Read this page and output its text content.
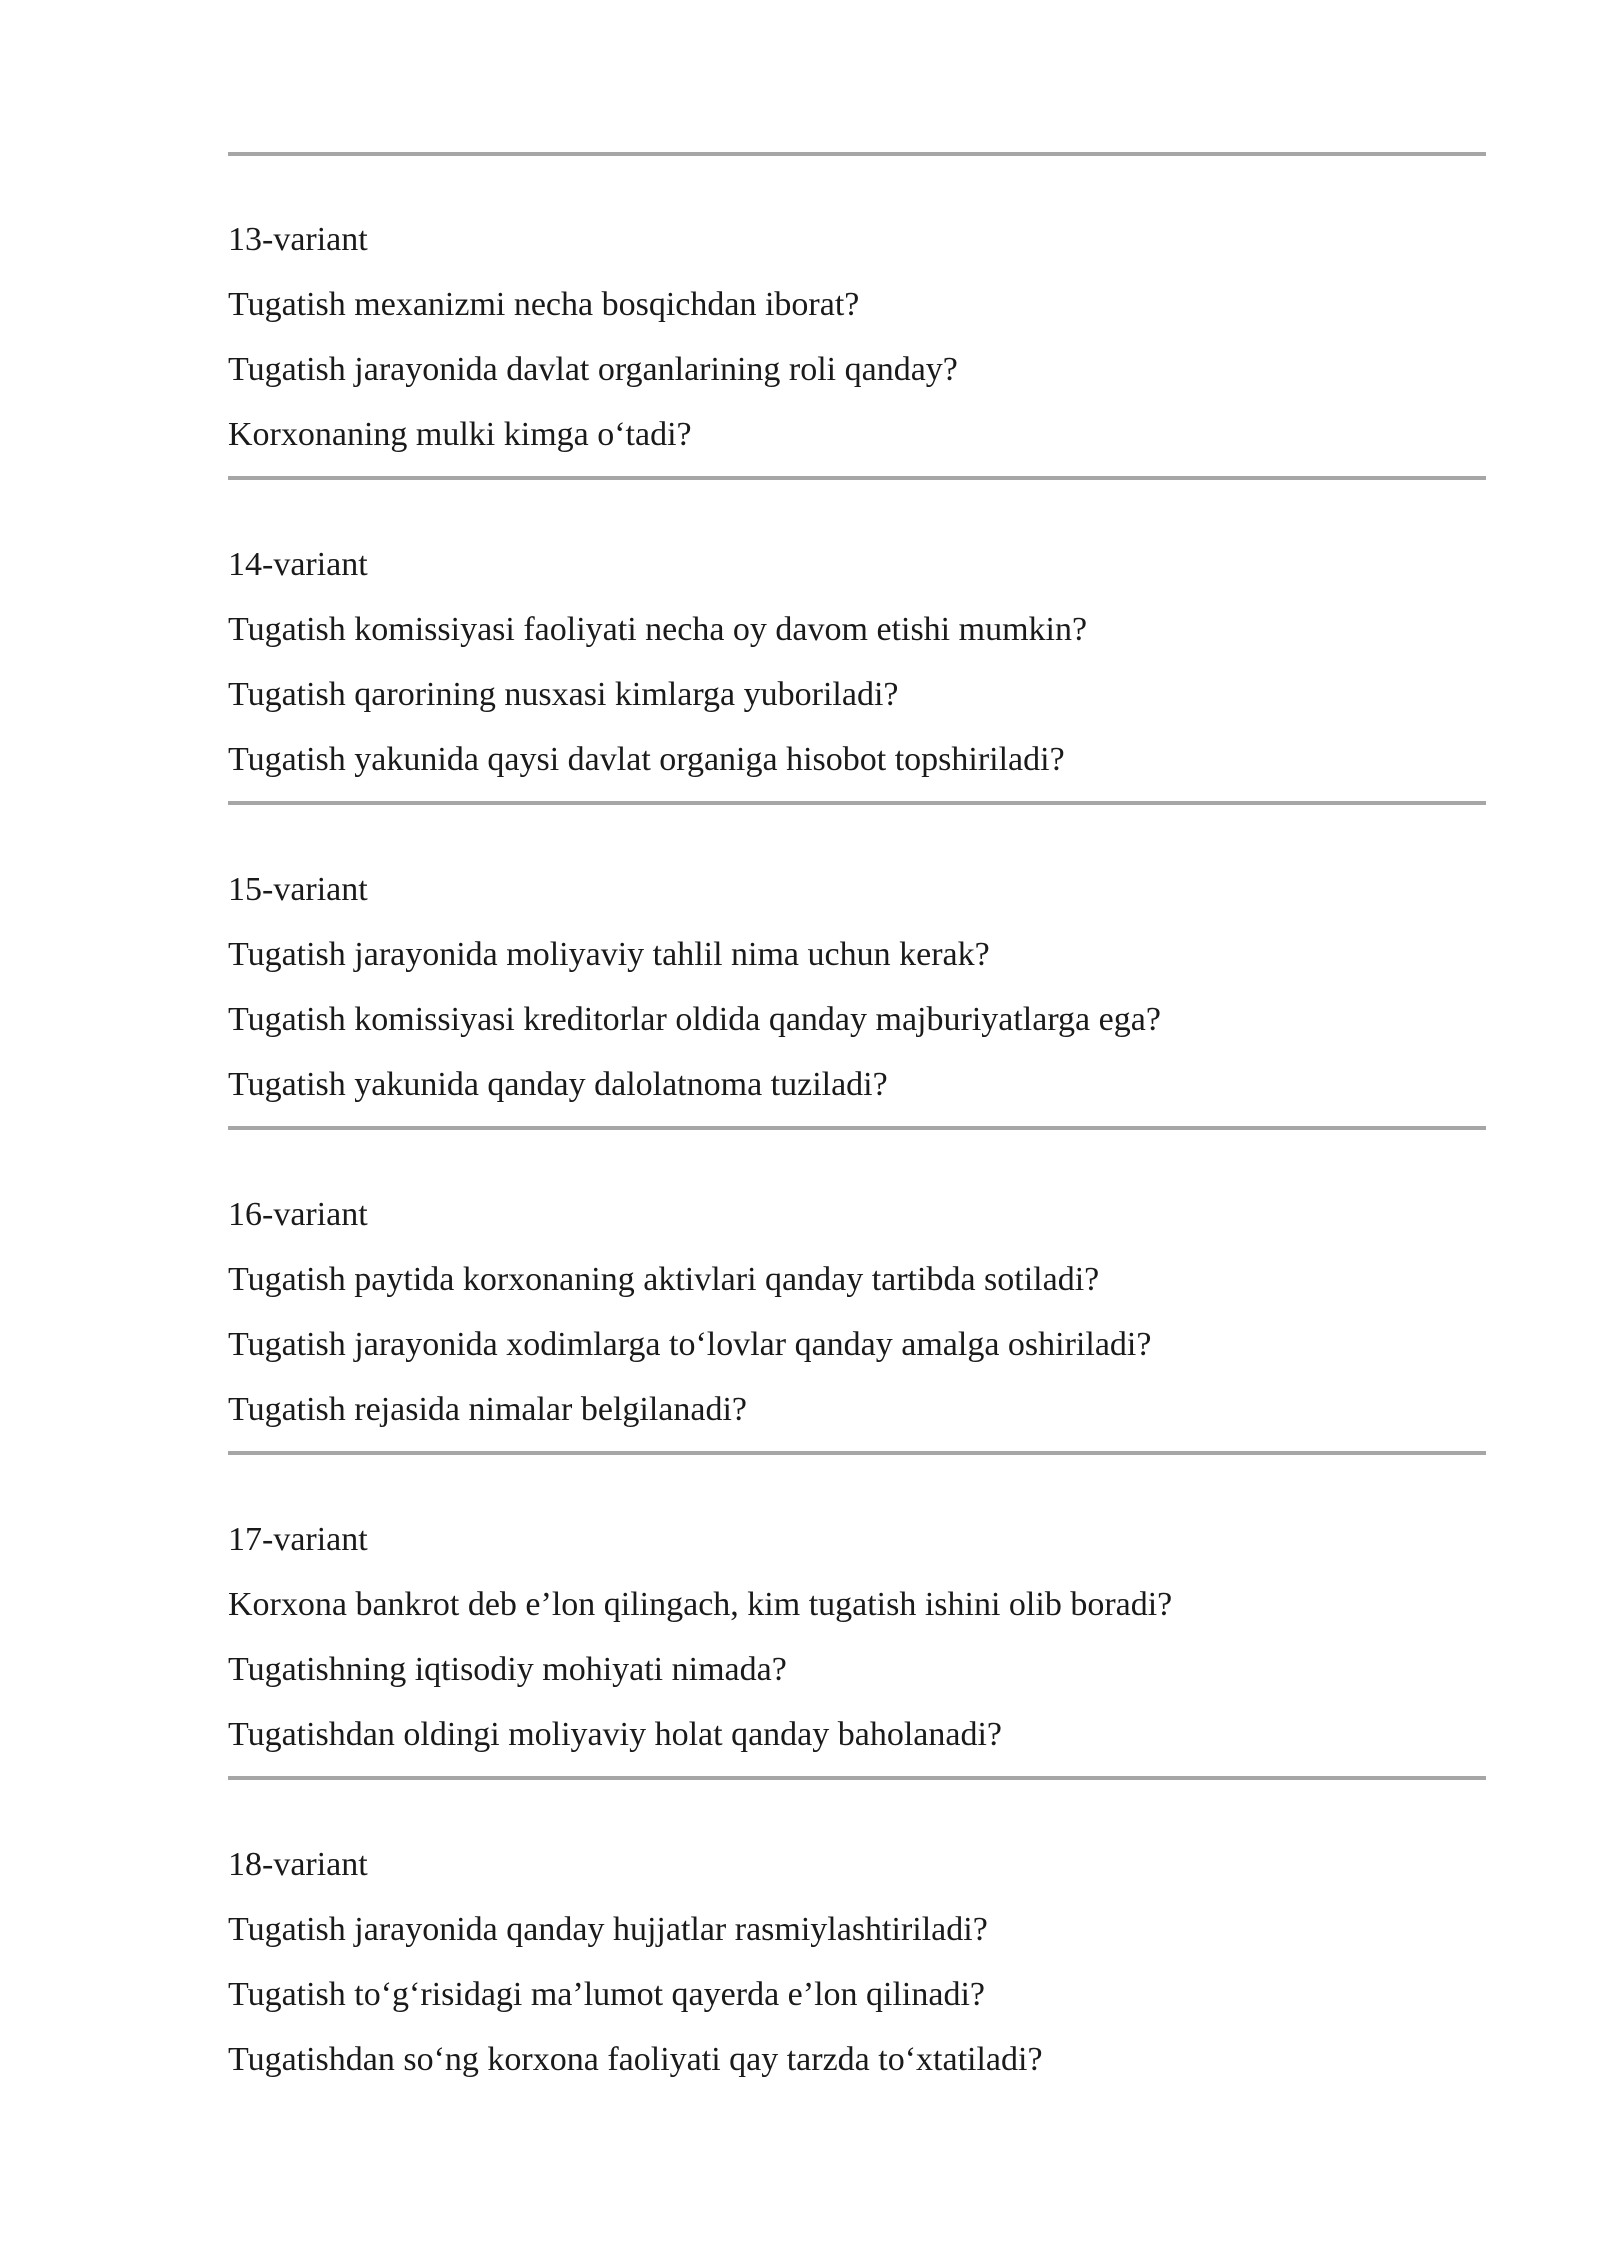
13-variant
Tugatish mexanizmi necha bosqichdan iborat?
Tugatish jarayonida davlat organlarining roli qanday?
Korxonaning mulki kimga o‘tadi?
14-variant
Tugatish komissiyasi faoliyati necha oy davom etishi mumkin?
Tugatish qarorining nusxasi kimlarga yuboriladi?
Tugatish yakunida qaysi davlat organiga hisobot topshiriladi?
15-variant
Tugatish jarayonida moliyaviy tahlil nima uchun kerak?
Tugatish komissiyasi kreditorlar oldida qanday majburiyatlarga ega?
Tugatish yakunida qanday dalolatnoma tuziladi?
16-variant
Tugatish paytida korxonaning aktivlari qanday tartibda sotiladi?
Tugatish jarayonida xodimlarga to‘lovlar qanday amalga oshiriladi?
Tugatish rejasida nimalar belgilanadi?
17-variant
Korxona bankrot deb e’lon qilingach, kim tugatish ishini olib boradi?
Tugatishning iqtisodiy mohiyati nimada?
Tugatishdan oldingi moliyaviy holat qanday baholanadi?
18-variant
Tugatish jarayonida qanday hujjatlar rasmiylashtiriladi?
Tugatish to‘g‘risidagi ma’lumot qayerda e’lon qilinadi?
Tugatishdan so‘ng korxona faoliyati qay tarzda to‘xtatiladi?
